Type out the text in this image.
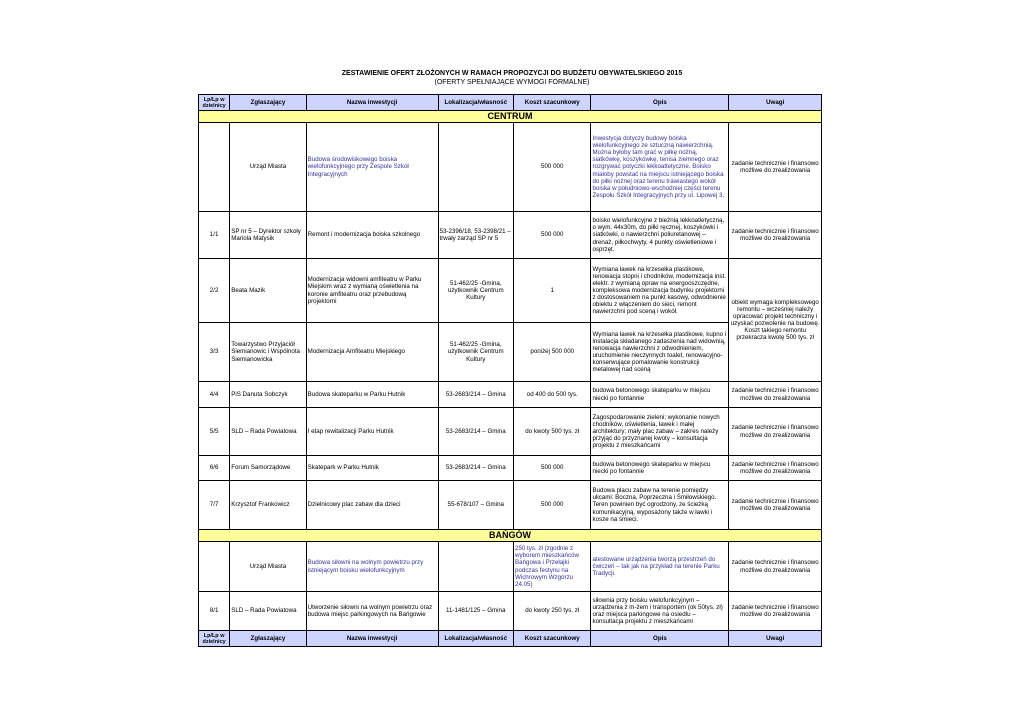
ZESTAWIENIE OFERT ZŁOŻONYCH W RAMACH PROPOZYCJI DO BUDŻETU OBYWATELSKIEGO 2015
(OFERTY SPEŁNIAJĄCE WYMOGI FORMALNE)
Lp/Lp w dzielnicy	Zgłaszający	Nazwa inwestycji	Lokalizacja/własność	Koszt szacunkowy	Opis	Uwagi
CENTRUM						
	Urząd Miasta	Budowa środowiskowego boiska wielofunkcyjnego przy Zespole Szkół Integracyjnych		500 000	Inwestycja dotyczy budowy boiska wielofunkcyjnego ze sztuczną nawierzchnią. Można byłoby tam grać w piłkę nożną, siatkówkę, koszykówkę, tenisa ziemnego oraz rozgrywać potyczki lekkoatletyczne. Boisko miałoby powstać na miejscu istniejącego boiska do piłki nożnej oraz terenu trawiastego wokół boiska w południowo-wschodniej części terenu Zespołu Szkół Integracyjnych przy ul. Lipowej 3.	zadanie techniczniе i finansowo możliwe do zrealizowania
1/1	SP nr 5 – Dyrektor szkoły Mariola Matysik	Remont i modernizacja boiska szkolnego	53-2396/18, 53-2398/21 – trwały zarząd SP nr 5	500 000	boisko wielofunkcyjne z bieżnią lekkoatletyczną, o wym. 44x30m, do piłki ręcznej, koszykówki i siatkówki, o nawierzchni poliuretanowej – drenaż, piłkochwyty, 4 punkty oświetleniowe i osprzęt.	zadanie techniczniе i finansowo możliwe do zrealizowania
2/2	Beata Mazik	Modernizacja widowni amfiteatru w Parku Miejskim wraz z wymianą oświetlenia na koronie amfiteatru oraz przebudową projektorni	51-462/25 -Gmina, użytkownik Centrum Kultury	1	Wymiana ławek na krzesełka plastikowe, renowacja stopni i chodników, modernizacja inst. elektr. z wymianą opraw na energooszczędne, kompleksowa modernizacja budynku projektorni z dostosowaniem na punkt kasowy, odwodnienie obiektu z włączeniem do sieci, remont nawierzchni pod sceną i wokół.	obiekt wymaga kompleksowego remontu – wcześniej należy opracować projekt techniczny i uzyskać pozwolenie na budowę. Koszt takiego remontu przekracza kwotę 500 tys. zł
3/3	Towarzystwo Przyjaciół Siemianowic i Wspólnota Siemianowicka	Modernizacja Amfiteatru Miejskiego	51-462/25 -Gmina, użytkownik Centrum Kultury	poniżej 500 000	Wymiana ławek na krzesełka plastikowe, kupno i instalacja składanego zadaszenia nad widownią, renowacja nawierzchni z odwodnieniem, uruchomienie nieczynnych toalet, renowacyjno-konserwujące pomalowanie konstrukcji metalowej nad sceną	
4/4	PiS Danuta Sobczyk	Budowa skateparku w Parku Hutnik	53-2683/214 – Gmina	od 400 do 500 tys.	budowa betonowego skateparku w miejscu niecki po fontannie	zadanie techniczniе i finansowo możliwe do zrealizowania
5/5	SLD – Rada Powiatowa	I etap rewitalizacji Parku Hutnik	53-2683/214 – Gmina	do kwoty 500 tys. zł	Zagospodarowanie zieleni; wykonanie nowych chodników, oświetlenia, ławek i małej architektury; mały plac zabaw – zakres należy przyjąć do przyznanej kwoty – konsultacja projektu z mieszkańcami	zadanie techniczniе i finansowo możliwe do zrealizowania
6/6	Forum Samorządowe	Skatepark w Parku Hutnik	53-2683/214 – Gmina	500 000	budowa betonowego skateparku w miejscu niecki po fontannie	zadanie techniczniе i finansowo możliwe do zrealizowania
7/7	Krzysztof Frankowicz	Dzielnicowy plac zabaw dla dzieci	55-678/107 – Gmina	500 000	Budowa placu zabaw na terenie pomiędzy ulicami: Boczna, Poprzeczna i Śmiłowskiego. Teren powinien być ogrodzony, ze ścieżką komunikacyjną, wyposażony także w ławki i kosze na śmieci.	zadanie techniczniе i finansowo możliwe do zrealizowania
BAŃGÓW						
	Urząd Miasta	Budowa siłowni na wolnym powietrzu przy istniejącym boisku wielofunkcyjnym		250 tys. zł (zgodnie z wyborem mieszkańców Bańgowa i Przełajki podczas festynu na Wichrowym Wzgórzu 24.05)	atestowane urządzenia tworzą przestrzeń do ćwiczeń – tak jak na przykład na terenie Parku Tradycji.	zadanie techniczniе i finansowo możliwe do zrealizowania
8/1	SLD – Rada Powiatowa	Utworzenie siłowni na wolnym powietrzu oraz budowa miejsc parkingowych na Bańgowie	11-1481/125 – Gmina	do kwoty 250 tys. zł	siłownia przy boisku wielofunkcyjnym – urządzenia z m-żem i transportem (ok 50tys. zł) oraz miejsca parkingowe na osiedlu – konsultacja projektu z mieszkańcami	zadanie techniczniе i finansowo możliwe do zrealizowania
Lp/Lp w dzielnicy	Zgłaszający	Nazwa inwestycji	Lokalizacja/własność	Koszt szacunkowy	Opis	Uwagi
